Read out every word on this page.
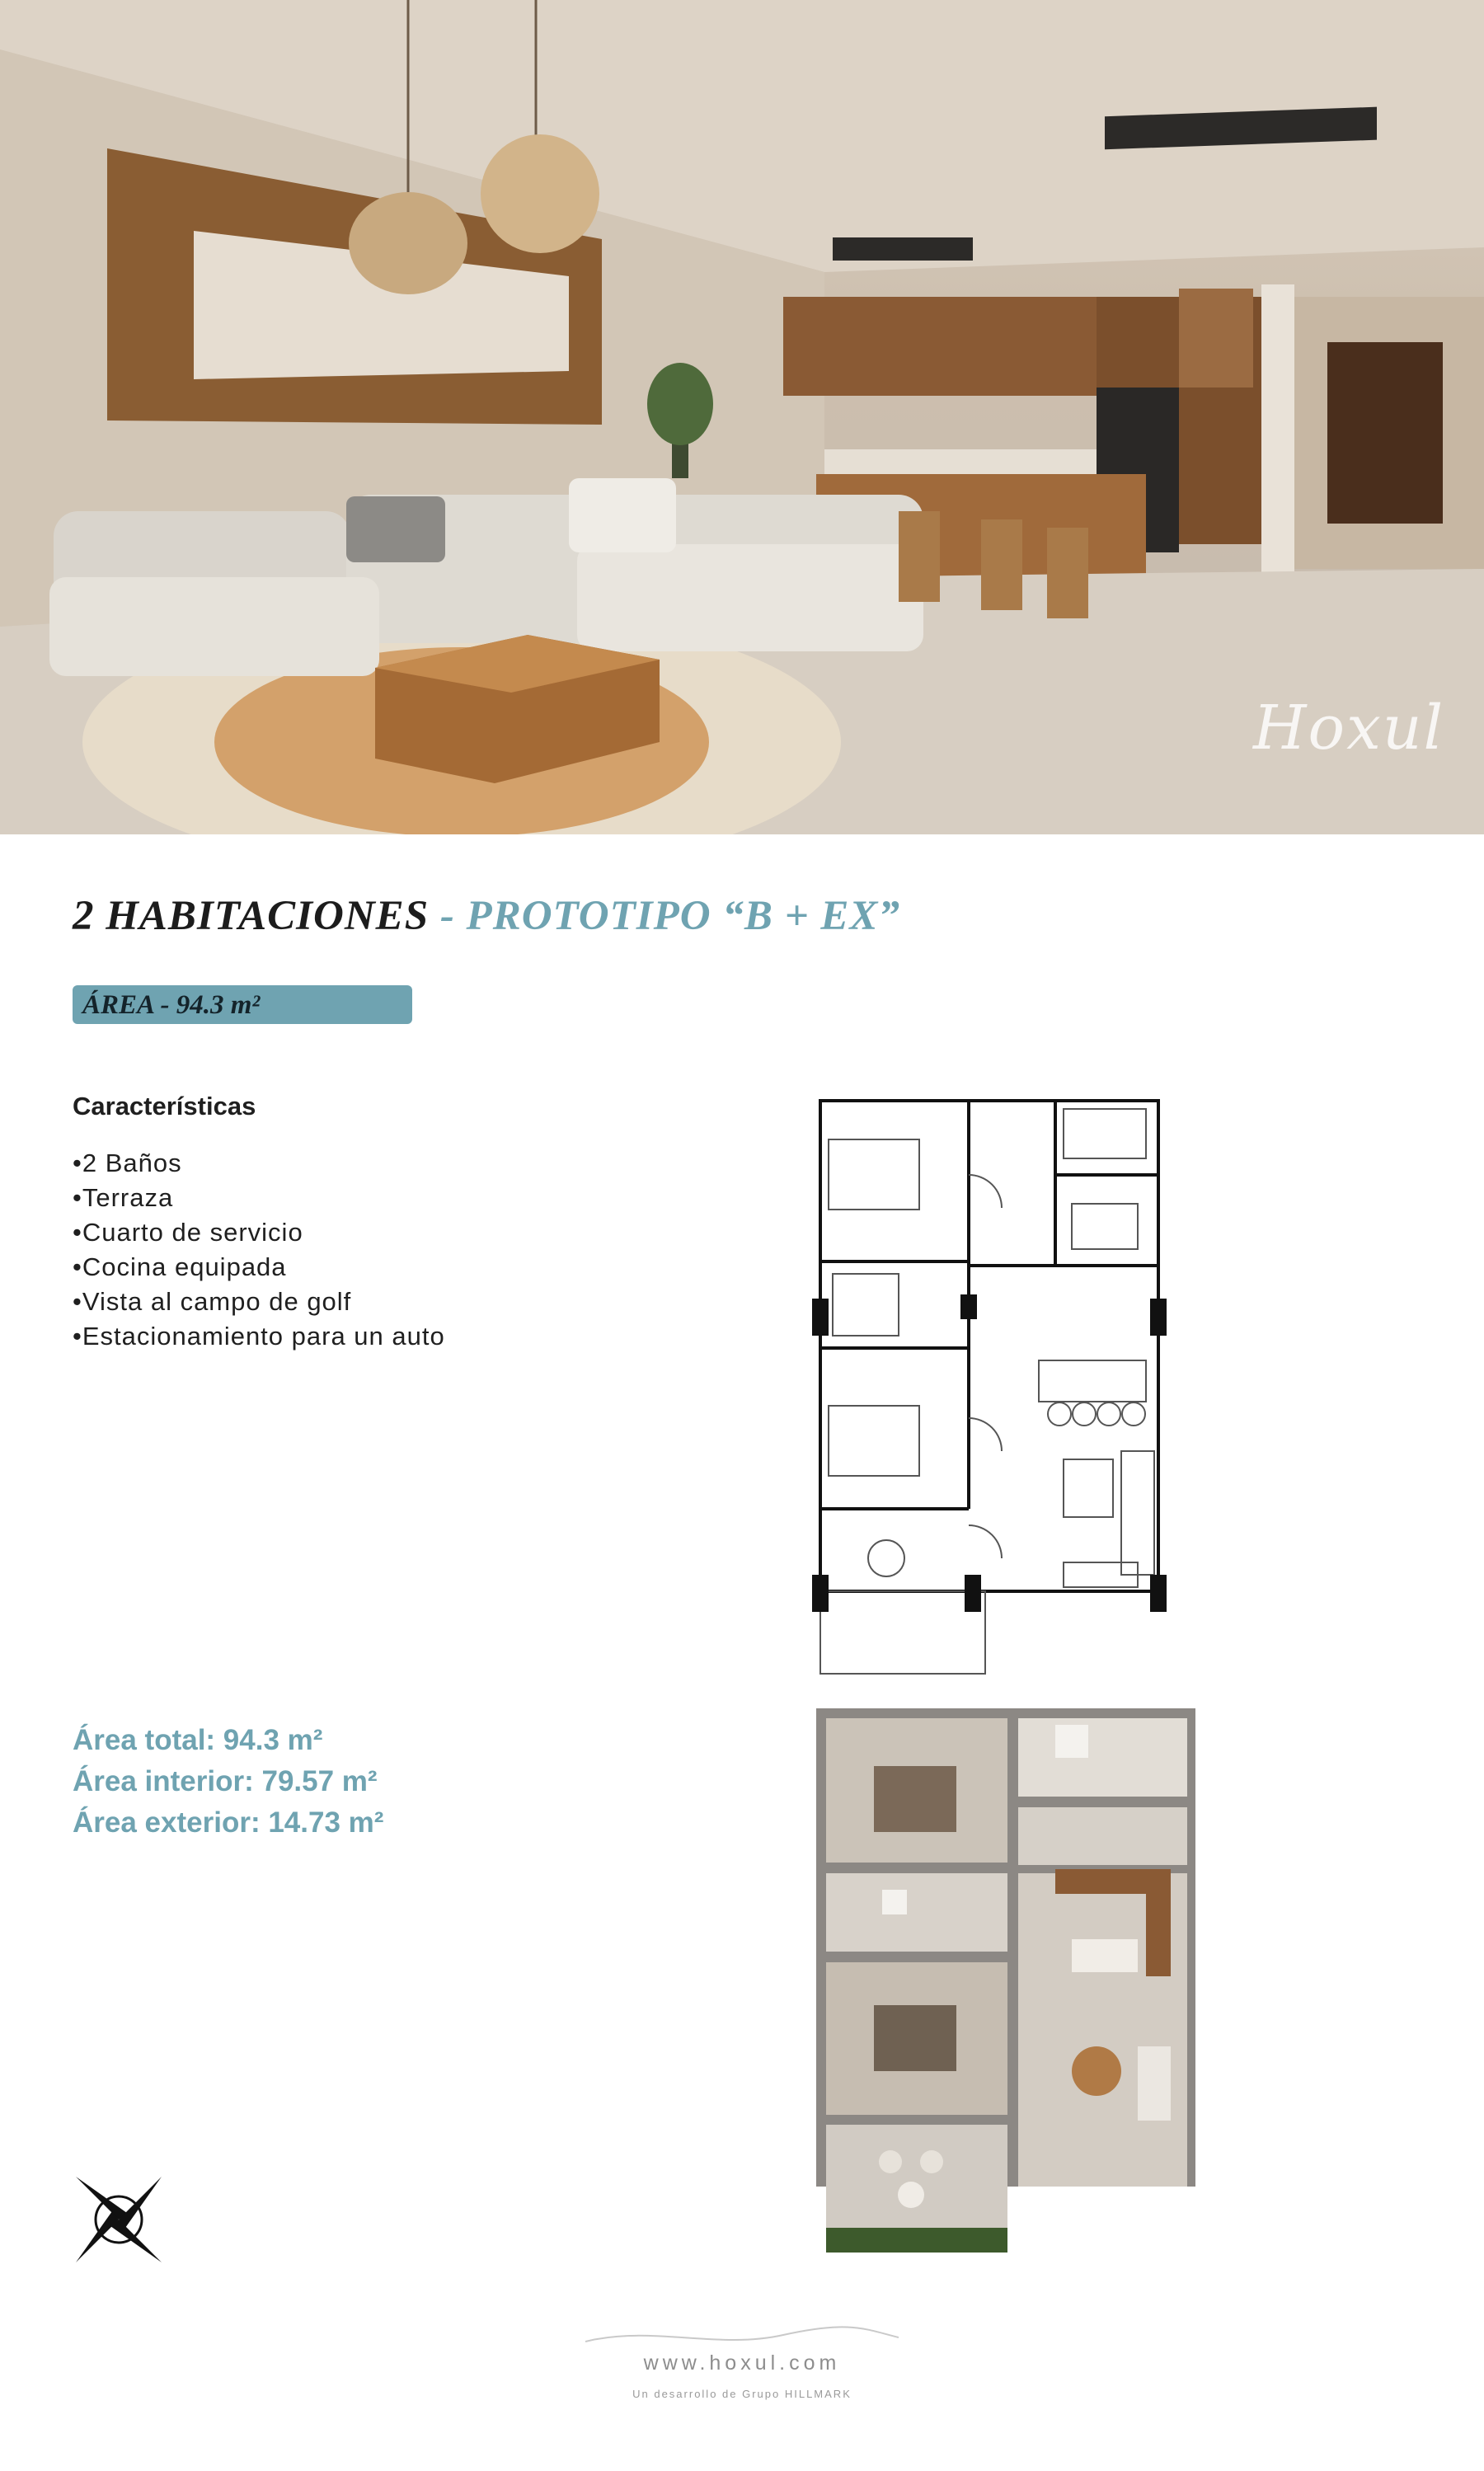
Hoxul
2 HABITACIONES - PROTOTIPO “B + EX”
ÁREA - 94.3 m²
Características
•2 Baños
•Terraza
•Cuarto de servicio
•Cocina equipada
•Vista al campo de golf
•Estacionamiento para un auto
Área total: 94.3 m²
Área interior: 79.57 m²
Área exterior: 14.73 m²
www.hoxul.com
Un desarrollo de Grupo HILLMARK
